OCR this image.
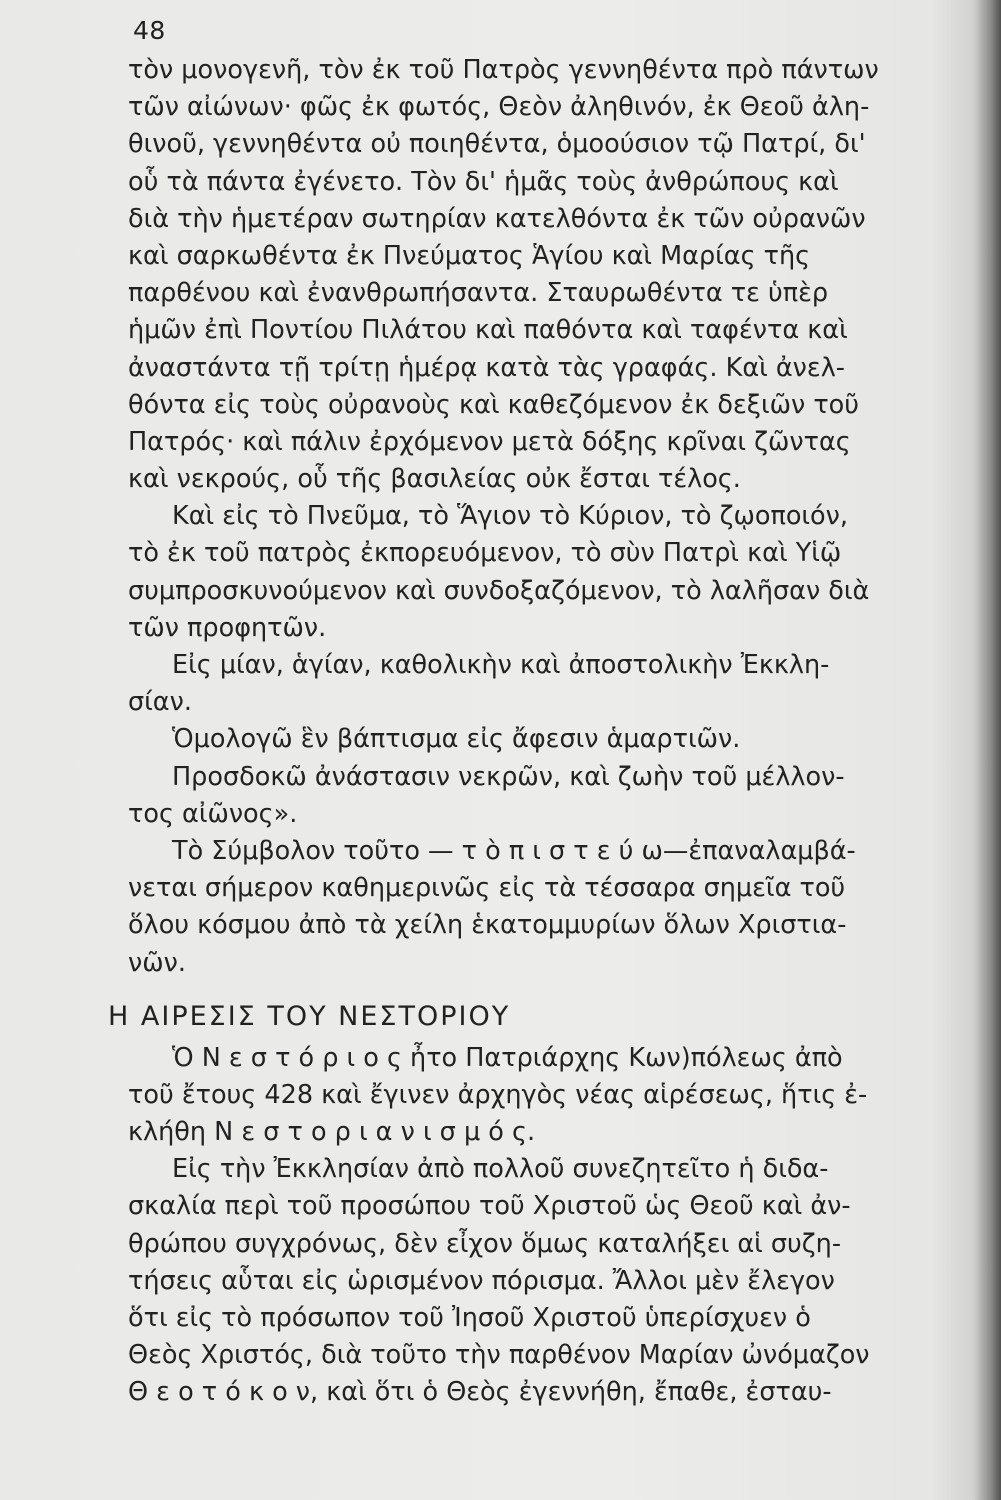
48
τὸν μονογενῆ, τὸν ἐκ τοῦ Πατρὸς γεννηθέντα πρὸ πάντων
τῶν αἰώνων· φῶς ἐκ φωτός, Θεὸν ἀληθινόν, ἐκ Θεοῦ ἀλη-
θινοῦ, γεννηθέντα οὐ ποιηθέντα, ὁμοούσιον τῷ Πατρί, δι'
οὗ τὰ πάντα ἐγένετο. Τὸν δι' ἡμᾶς τοὺς ἀνθρώπους καὶ
διὰ τὴν ἡμετέραν σωτηρίαν κατελθόντα ἐκ τῶν οὐρανῶν
καὶ σαρκωθέντα ἐκ Πνεύματος Ἁγίου καὶ Μαρίας τῆς
παρθένου καὶ ἐνανθρωπήσαντα. Σταυρωθέντα τε ὑπὲρ
ἡμῶν ἐπὶ Ποντίου Πιλάτου καὶ παθόντα καὶ ταφέντα καὶ
ἀναστάντα τῇ τρίτῃ ἡμέρᾳ κατὰ τὰς γραφάς. Καὶ ἀνελ-
θόντα εἰς τοὺς οὐρανοὺς καὶ καθεζόμενον ἐκ δεξιῶν τοῦ
Πατρός· καὶ πάλιν ἐρχόμενον μετὰ δόξης κρῖναι ζῶντας
καὶ νεκρούς, οὗ τῆς βασιλείας οὐκ ἔσται τέλος.
Καὶ εἰς τὸ Πνεῦμα, τὸ Ἅγιον τὸ Κύριον, τὸ ζῳοποιόν,
τὸ ἐκ τοῦ πατρὸς ἐκπορευόμενον, τὸ σὺν Πατρὶ καὶ Υἱῷ
συμπροσκυνούμενον καὶ συνδοξαζόμενον, τὸ λαλῆσαν διὰ
τῶν προφητῶν.
Εἰς μίαν, ἁγίαν, καθολικὴν καὶ ἀποστολικὴν Ἐκκλη-
σίαν.
Ὁμολογῶ ἓν βάπτισμα εἰς ἄφεσιν ἁμαρτιῶν.
Προσδοκῶ ἀνάστασιν νεκρῶν, καὶ ζωὴν τοῦ μέλλον-
τος αἰῶνος».
Τὸ Σύμβολον τοῦτο — τ ὸ π ι σ τ ε ύ ω—ἐπαναλαμβά-
νεται σήμερον καθημερινῶς εἰς τὰ τέσσαρα σημεῖα τοῦ
ὅλου κόσμου ἀπὸ τὰ χείλη ἑκατομμυρίων ὅλων Χριστια-
νῶν.
Η ΑΙΡΕΣΙΣ ΤΟΥ ΝΕΣΤΟΡΙΟΥ
Ὁ Ν ε σ τ ό ρ ι ο ς ἦτο Πατριάρχης Κων)πόλεως ἀπὸ
τοῦ ἔτους 428 καὶ ἔγινεν ἀρχηγὸς νέας αἱρέσεως, ἥτις ἐ-
κλήθη Ν ε σ τ ο ρ ι α ν ι σ μ ό ς.
Εἰς τὴν Ἐκκλησίαν ἀπὸ πολλοῦ συνεζητεῖτο ἡ διδα-
σκαλία περὶ τοῦ προσώπου τοῦ Χριστοῦ ὡς Θεοῦ καὶ ἀν-
θρώπου συγχρόνως, δὲν εἶχον ὅμως καταλήξει αἱ συζη-
τήσεις αὗται εἰς ὡρισμένον πόρισμα. Ἄλλοι μὲν ἔλεγον
ὅτι εἰς τὸ πρόσωπον τοῦ Ἰησοῦ Χριστοῦ ὑπερίσχυεν ὁ
Θεὸς Χριστός, διὰ τοῦτο τὴν παρθένον Μαρίαν ὠνόμαζον
Θ ε ο τ ό κ ο ν, καὶ ὅτι ὁ Θεὸς ἐγεννήθη, ἔπαθε, ἐσταυ-
